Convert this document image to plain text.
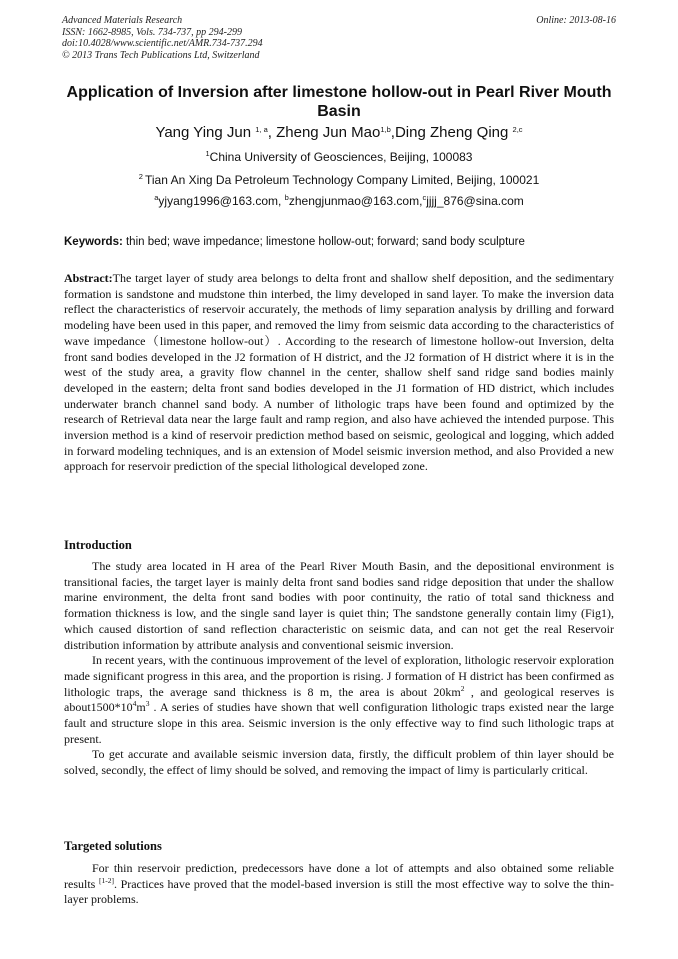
Advanced Materials Research
ISSN: 1662-8985, Vols. 734-737, pp 294-299
doi:10.4028/www.scientific.net/AMR.734-737.294
© 2013 Trans Tech Publications Ltd, Switzerland
Online: 2013-08-16
Application of Inversion after limestone hollow-out in Pearl River Mouth Basin
Yang Ying Jun $^{1, a}$, Zheng Jun Mao$^{1,b}$,Ding Zheng Qing $^{2,c}$
$^1$China University of Geosciences, Beijing, 100083
$^2$ Tian An Xing Da Petroleum Technology Company Limited, Beijing, 100021
$^a$yjyang1996@163.com, $^b$zhengjunmao@163.com,$^c$jjjj_876@sina.com
Keywords: thin bed; wave impedance; limestone hollow-out; forward; sand body sculpture

Abstract:The target layer of study area belongs to delta front and shallow shelf deposition, and the sedimentary formation is sandstone and mudstone thin interbed, the limy developed in sand layer. To make the inversion data reflect the characteristics of reservoir accurately, the methods of limy separation analysis by drilling and forward modeling have been used in this paper, and removed the limy from seismic data according to the characteristics of wave impedance（limestone hollow-out）. According to the research of limestone hollow-out Inversion, delta front sand bodies developed in the J2 formation of H district, and the J2 formation of H district where it is in the west of the study area, a gravity flow channel in the center, shallow shelf sand ridge sand bodies mainly developed in the eastern; delta front sand bodies developed in the J1 formation of HD district, which includes underwater branch channel sand body. A number of lithologic traps have been found and optimized by the research of Retrieval data near the large fault and ramp region, and also have achieved the intended purpose. This inversion method is a kind of reservoir prediction method based on seismic, geological and logging, which added in forward modeling techniques, and is an extension of Model seismic inversion method, and also Provided a new approach for reservoir prediction of the special lithological developed zone.

Introduction

The study area located in H area of the Pearl River Mouth Basin, and the depositional environment is transitional facies, the target layer is mainly delta front sand bodies sand ridge deposition that under the shallow marine environment, the delta front sand bodies with poor continuity, the ratio of total sand thickness and formation thickness is low, and the single sand layer is quiet thin; The sandstone generally contain limy (Fig1), which caused distortion of sand reflection characteristic on seismic data, and can not get the real Reservoir distribution information by attribute analysis and conventional seismic inversion.

In recent years, with the continuous improvement of the level of exploration, lithologic reservoir exploration made significant progress in this area, and the proportion is rising. J formation of H district has been confirmed as lithologic traps, the average sand thickness is 8 m, the area is about $20km^2$ , and geological reserves is $about1500*10^4m^3$ . A series of studies have shown that well configuration lithologic traps existed near the large fault and structure slope in this area. Seismic inversion is the only effective way to find such lithologic traps at present.

To get accurate and available seismic inversion data, firstly, the difficult problem of thin layer should be solved, secondly, the effect of limy should be solved, and removing the impact of limy is particularly critical.

Targeted solutions

For thin reservoir prediction, predecessors have done a lot of attempts and also obtained some reliable results [1-2]. Practices have proved that the model-based inversion is still the most effective way to solve the thin-layer problems.
